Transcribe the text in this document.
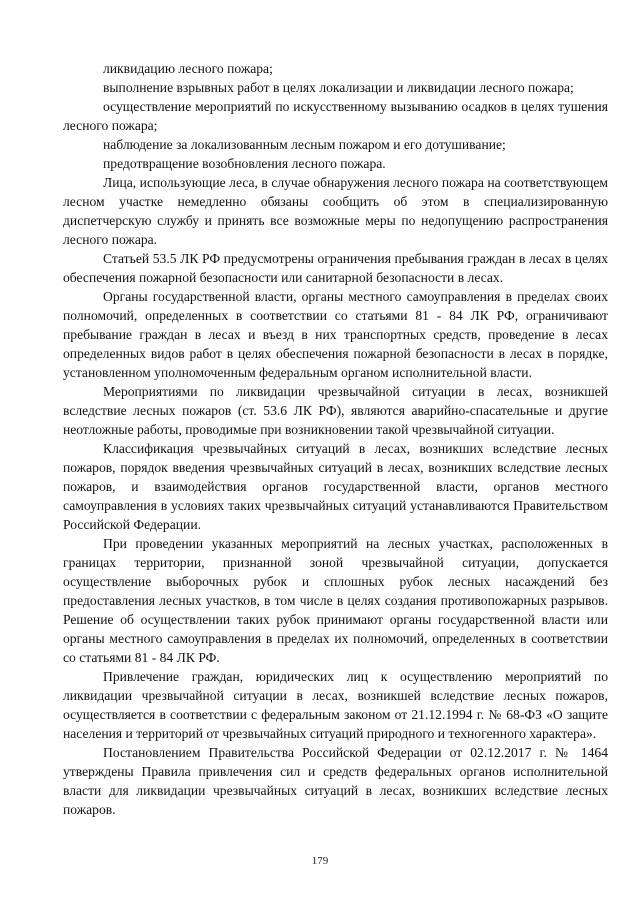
ликвидацию лесного пожара;

выполнение взрывных работ в целях локализации и ликвидации лесного пожара;

осуществление мероприятий по искусственному вызыванию осадков в целях тушения лесного пожара;

наблюдение за локализованным лесным пожаром и его дотушивание;

предотвращение возобновления лесного пожара.

Лица, использующие леса, в случае обнаружения лесного пожара на соответствующем лесном участке немедленно обязаны сообщить об этом в специализированную диспетчерскую службу и принять все возможные меры по недопущению распространения лесного пожара.

Статьей 53.5 ЛК РФ предусмотрены ограничения пребывания граждан в лесах в целях обеспечения пожарной безопасности или санитарной безопасности в лесах.

Органы государственной власти, органы местного самоуправления в пределах своих полномочий, определенных в соответствии со статьями 81 - 84 ЛК РФ, ограничивают пребывание граждан в лесах и въезд в них транспортных средств, проведение в лесах определенных видов работ в целях обеспечения пожарной безопасности в лесах в порядке, установленном уполномоченным федеральным органом исполнительной власти.

Мероприятиями по ликвидации чрезвычайной ситуации в лесах, возникшей вследствие лесных пожаров (ст. 53.6 ЛК РФ), являются аварийно-спасательные и другие неотложные работы, проводимые при возникновении такой чрезвычайной ситуации.

Классификация чрезвычайных ситуаций в лесах, возникших вследствие лесных пожаров, порядок введения чрезвычайных ситуаций в лесах, возникших вследствие лесных пожаров, и взаимодействия органов государственной власти, органов местного самоуправления в условиях таких чрезвычайных ситуаций устанавливаются Правительством Российской Федерации.

При проведении указанных мероприятий на лесных участках, расположенных в границах территории, признанной зоной чрезвычайной ситуации, допускается осуществление выборочных рубок и сплошных рубок лесных насаждений без предоставления лесных участков, в том числе в целях создания противопожарных разрывов. Решение об осуществлении таких рубок принимают органы государственной власти или органы местного самоуправления в пределах их полномочий, определенных в соответствии со статьями 81 - 84 ЛК РФ.

Привлечение граждан, юридических лиц к осуществлению мероприятий по ликвидации чрезвычайной ситуации в лесах, возникшей вследствие лесных пожаров, осуществляется в соответствии с федеральным законом от 21.12.1994 г. № 68-ФЗ «О защите населения и территорий от чрезвычайных ситуаций природного и техногенного характера».

Постановлением Правительства Российской Федерации от 02.12.2017 г. № 1464 утверждены Правила привлечения сил и средств федеральных органов исполнительной власти для ликвидации чрезвычайных ситуаций в лесах, возникших вследствие лесных пожаров.

179
